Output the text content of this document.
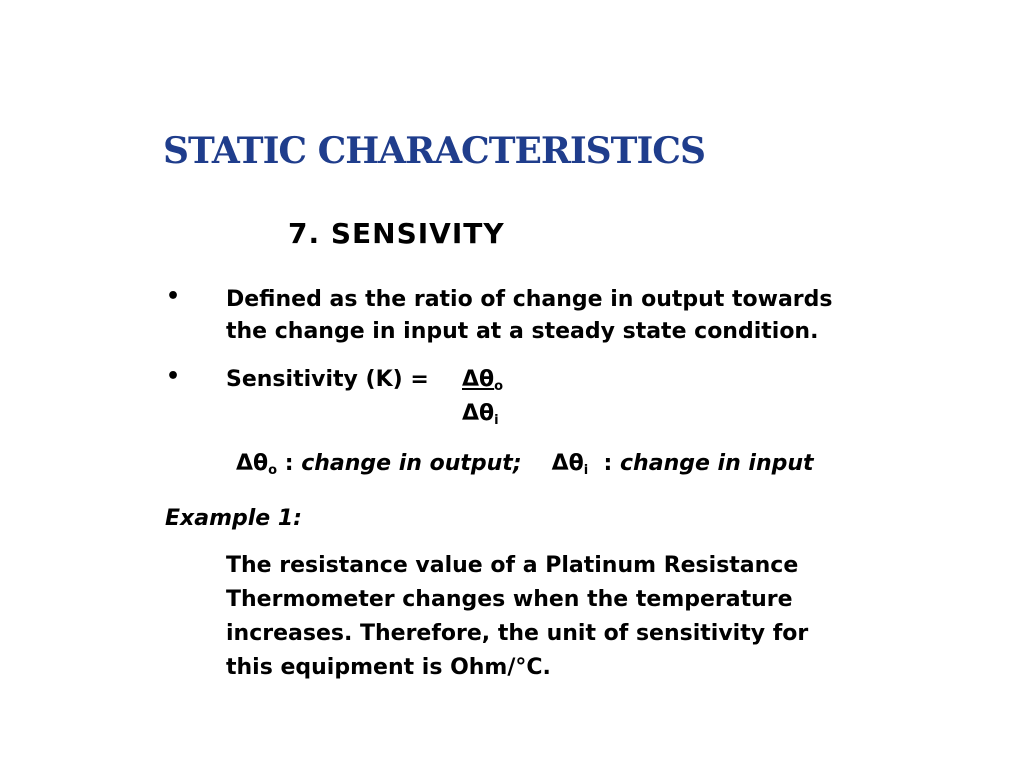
STATIC CHARACTERISTICS
7. SENSIVITY
• Defined as the ratio of change in output towards
the change in input at a steady state condition.
• Sensitivity $(K) = \Delta\theta_o$
$\Delta\theta_i$
$\Delta\theta_o$ : change in output; $\Delta\theta_i$  : change in input
Example 1:
The resistance value of a Platinum Resistance
Thermometer changes when the temperature
increases. Therefore, the unit of sensitivity for
this equipment is Ohm/°C.
